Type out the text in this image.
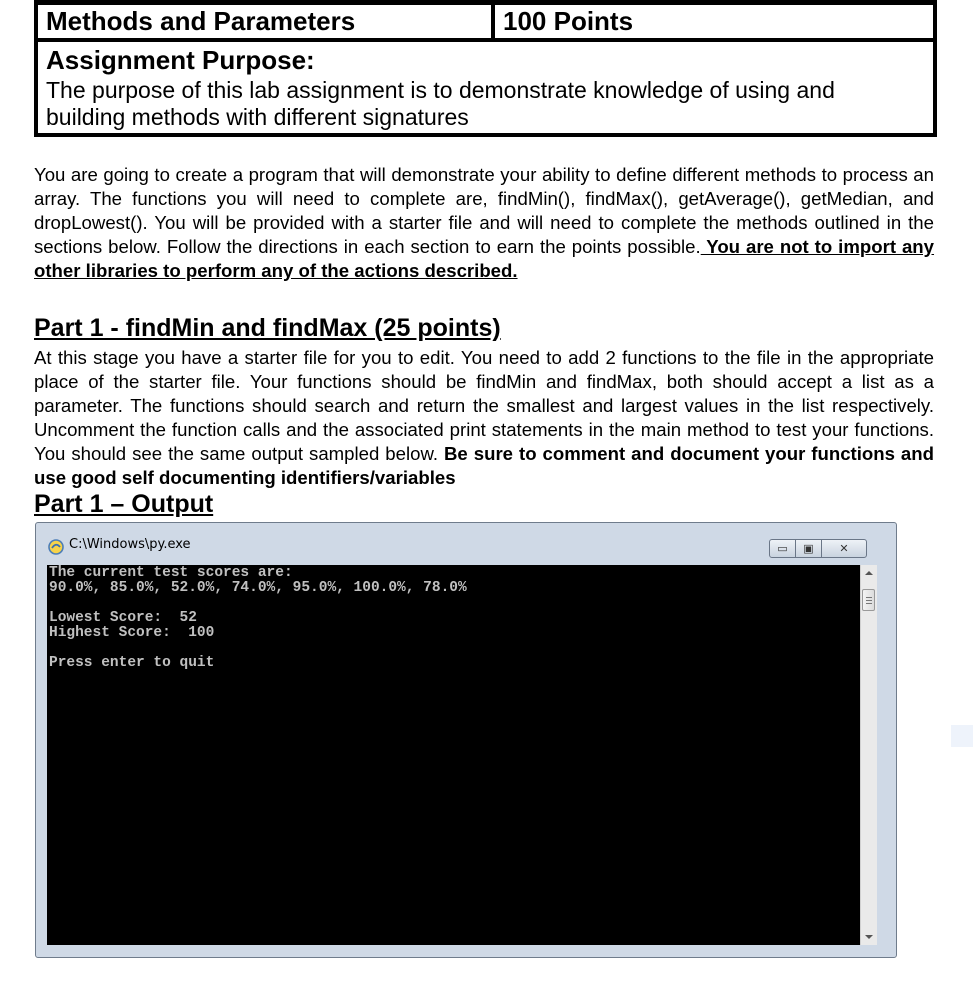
Methods and Parameters	100 Points
Assignment Purpose:
The purpose of this lab assignment is to demonstrate knowledge of using and building methods with different signatures
You are going to create a program that will demonstrate your ability to define different methods to process an array. The functions you will need to complete are, findMin(), findMax(), getAverage(), getMedian, and dropLowest(). You will be provided with a starter file and will need to complete the methods outlined in the sections below. Follow the directions in each section to earn the points possible. You are not to import any other libraries to perform any of the actions described.
Part 1 - findMin and findMax (25 points)
At this stage you have a starter file for you to edit. You need to add 2 functions to the file in the appropriate place of the starter file. Your functions should be findMin and findMax, both should accept a list as a parameter. The functions should search and return the smallest and largest values in the list respectively. Uncomment the function calls and the associated print statements in the main method to test your functions. You should see the same output sampled below. Be sure to comment and document your functions and use good self documenting identifiers/variables
Part 1 – Output
C:\Windows\py.exe	▭ ▣ ✕
The current test scores are:
90.0%, 85.0%, 52.0%, 74.0%, 95.0%, 100.0%, 78.0%
Lowest Score:  52
Highest Score:  100
Press enter to quit
